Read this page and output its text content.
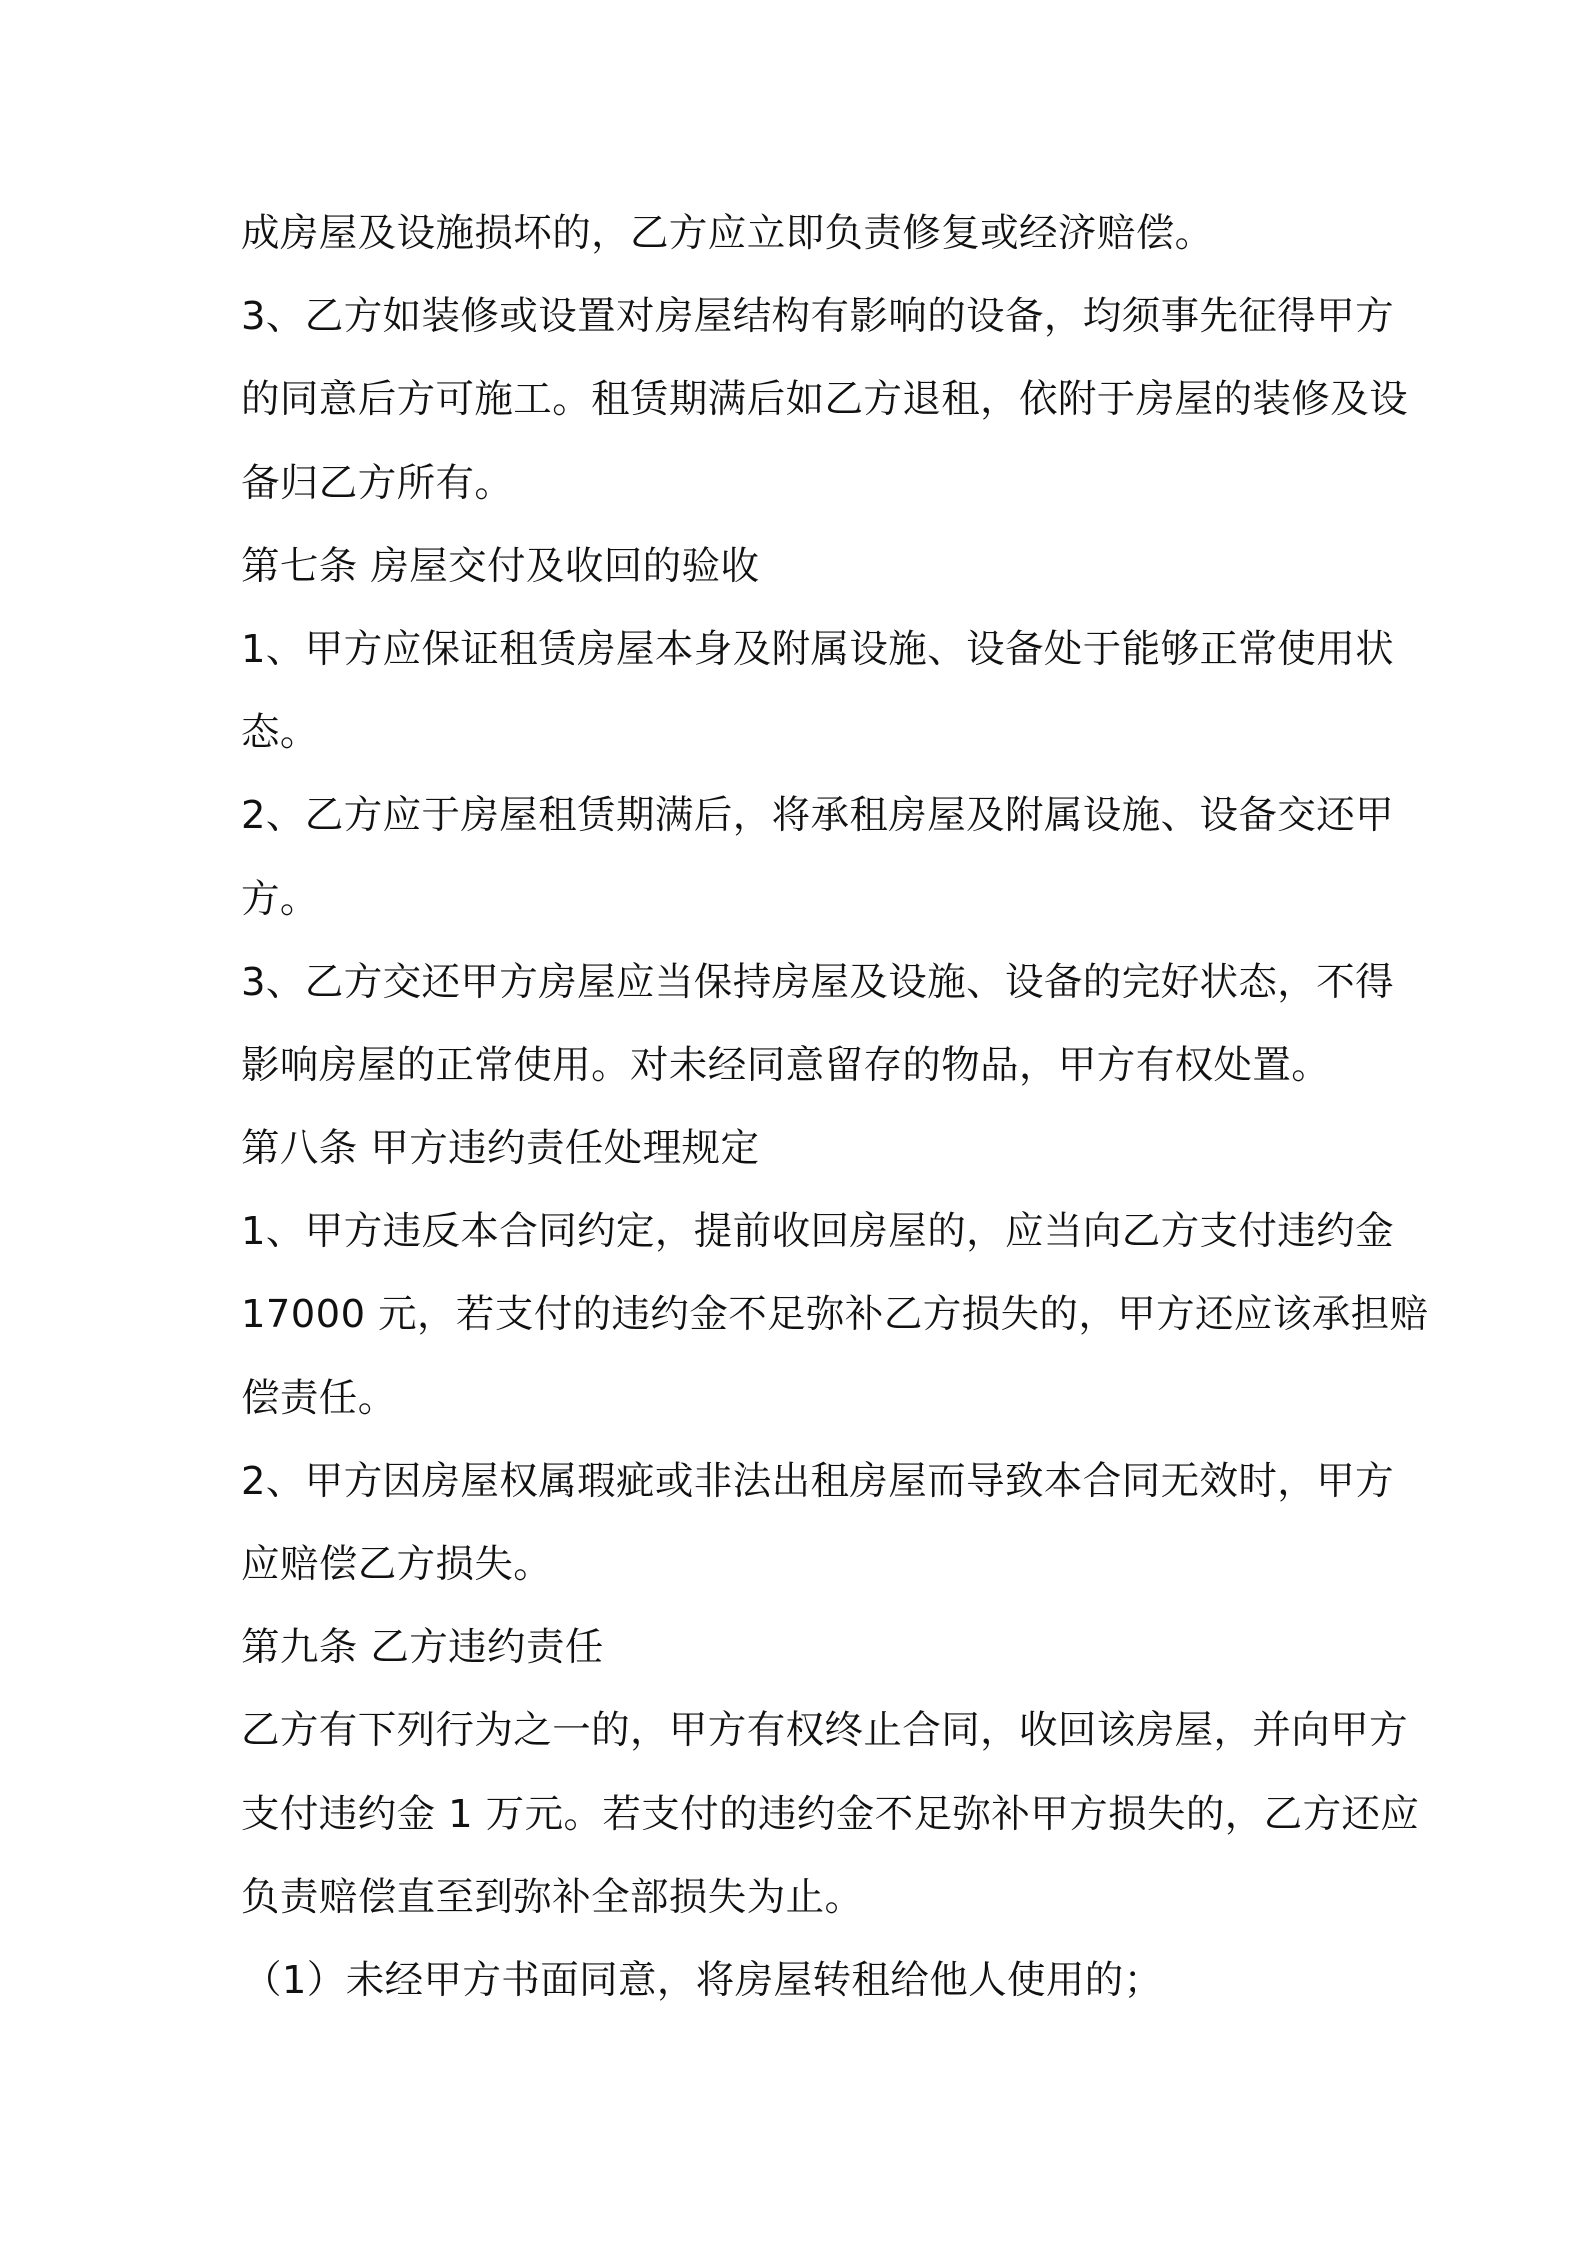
成房屋及设施损坏的，乙方应立即负责修复或经济赔偿。
3、乙方如装修或设置对房屋结构有影响的设备，均须事先征得甲方
的同意后方可施工。租赁期满后如乙方退租，依附于房屋的装修及设
备归乙方所有。
第七条 房屋交付及收回的验收
1、甲方应保证租赁房屋本身及附属设施、设备处于能够正常使用状
态。
2、乙方应于房屋租赁期满后，将承租房屋及附属设施、设备交还甲
方。
3、乙方交还甲方房屋应当保持房屋及设施、设备的完好状态，不得
影响房屋的正常使用。对未经同意留存的物品，甲方有权处置。
第八条 甲方违约责任处理规定
1、甲方违反本合同约定，提前收回房屋的，应当向乙方支付违约金
17000 元，若支付的违约金不足弥补乙方损失的，甲方还应该承担赔
偿责任。
2、甲方因房屋权属瑕疵或非法出租房屋而导致本合同无效时，甲方
应赔偿乙方损失。
第九条 乙方违约责任
乙方有下列行为之一的，甲方有权终止合同，收回该房屋，并向甲方
支付违约金 1 万元。若支付的违约金不足弥补甲方损失的，乙方还应
负责赔偿直至到弥补全部损失为止。
（1）未经甲方书面同意，将房屋转租给他人使用的；
